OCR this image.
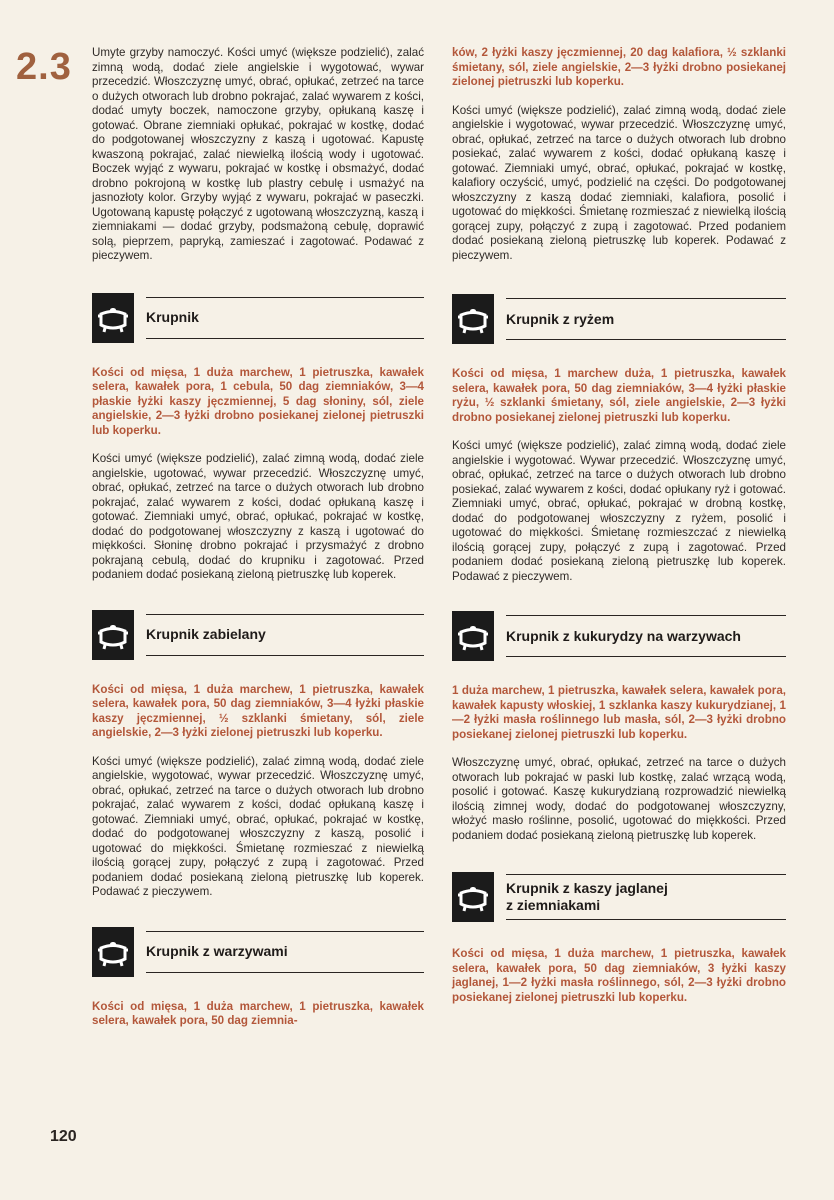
2.3 Umyte grzyby namoczyć. Kości umyć (większe podzielić), zalać zimną wodą, dodać ziele angielskie i wygotować, wywar przecedzić. Włoszczyznę umyć, obrać, opłukać, zetrzeć na tarce o dużych otworach lub drobno pokrajać, zalać wywarem z kości, dodać umyty boczek, namoczone grzyby, opłukaną kaszę i gotować. Obrane ziemniaki opłukać, pokrajać w kostkę, dodać do podgotowanej włoszczyzny z kaszą i ugotować. Kapustę kwaszoną pokrajać, zalać niewielką ilością wody i ugotować. Boczek wyjąć z wywaru, pokrajać w kostkę i obsmażyć, dodać drobno pokrojoną w kostkę lub plastry cebulę i usmażyć na jasnozłoty kolor. Grzyby wyjąć z wywaru, pokrajać w paseczki. Ugotowaną kapustę połączyć z ugotowaną włoszczyzną, kaszą i ziemniakami — dodać grzyby, podsmażoną cebulę, doprawić solą, pieprzem, papryką, zamieszać i zagotować. Podawać z pieczywem.

Krupnik

Kości od mięsa, 1 duża marchew, 1 pietruszka, kawałek selera, kawałek pora, 1 cebula, 50 dag ziemniaków, 3—4 płaskie łyżki kaszy jęczmiennej, 5 dag słoniny, sól, ziele angielskie, 2—3 łyżki drobno posiekanej zielonej pietruszki lub koperku.

Kości umyć (większe podzielić), zalać zimną wodą, dodać ziele angielskie, ugotować, wywar przecedzić. Włoszczyznę umyć, obrać, opłukać, zetrzeć na tarce o dużych otworach lub drobno pokrajać, zalać wywarem z kości, dodać opłukaną kaszę i gotować. Ziemniaki umyć, obrać, opłukać, pokrajać w kostkę, dodać do podgotowanej włoszczyzny z kaszą i ugotować do miękkości. Słoninę drobno pokrajać i przysmażyć z drobno pokrajaną cebulą, dodać do krupniku i zagotować. Przed podaniem dodać posiekaną zieloną pietruszkę lub koperek.

Krupnik zabielany

Kości od mięsa, 1 duża marchew, 1 pietruszka, kawałek selera, kawałek pora, 50 dag ziemniaków, 3—4 łyżki płaskie kaszy jęczmiennej, ½ szklanki śmietany, sól, ziele angielskie, 2—3 łyżki zielonej pietruszki lub koperku.

Kości umyć (większe podzielić), zalać zimną wodą, dodać ziele angielskie, wygotować, wywar przecedzić. Włoszczyznę umyć, obrać, opłukać, zetrzeć na tarce o dużych otworach lub drobno pokrajać, zalać wywarem z kości, dodać opłukaną kaszę i gotować. Ziemniaki umyć, obrać, opłukać, pokrajać w kostkę, dodać do podgotowanej włoszczyzny z kaszą, posolić i ugotować do miękkości. Śmietanę rozmieszać z niewielką ilością gorącej zupy, połączyć z zupą i zagotować. Przed podaniem dodać posiekaną zieloną pietruszkę lub koperek. Podawać z pieczywem.

Krupnik z warzywami

Kości od mięsa, 1 duża marchew, 1 pietruszka, kawałek selera, kawałek pora, 50 dag ziemnia-

ków, 2 łyżki kaszy jęczmiennej, 20 dag kalafiora, ½ szklanki śmietany, sól, ziele angielskie, 2—3 łyżki drobno posiekanej zielonej pietruszki lub koperku.

Kości umyć (większe podzielić), zalać zimną wodą, dodać ziele angielskie i wygotować, wywar przecedzić. Włoszczyznę umyć, obrać, opłukać, zetrzeć na tarce o dużych otworach lub drobno posiekać, zalać wywarem z kości, dodać opłukaną kaszę i gotować. Ziemniaki umyć, obrać, opłukać, pokrajać w kostkę, kalafiory oczyścić, umyć, podzielić na części. Do podgotowanej włoszczyzny z kaszą dodać ziemniaki, kalafiora, posolić i ugotować do miękkości. Śmietanę rozmieszać z niewielką ilością gorącej zupy, połączyć z zupą i zagotować. Przed podaniem dodać posiekaną zieloną pietruszkę lub koperek. Podawać z pieczywem.

Krupnik z ryżem

Kości od mięsa, 1 marchew duża, 1 pietruszka, kawałek selera, kawałek pora, 50 dag ziemniaków, 3—4 łyżki płaskie ryżu, ½ szklanki śmietany, sól, ziele angielskie, 2—3 łyżki drobno posiekanej zielonej pietruszki lub koperku.

Kości umyć (większe podzielić), zalać zimną wodą, dodać ziele angielskie i wygotować. Wywar przecedzić. Włoszczyznę umyć, obrać, opłukać, zetrzeć na tarce o dużych otworach lub drobno posiekać, zalać wywarem z kości, dodać opłukany ryż i gotować. Ziemniaki umyć, obrać, opłukać, pokrajać w drobną kostkę, dodać do podgotowanej włoszczyzny z ryżem, posolić i ugotować do miękkości. Śmietanę rozmieszczać z niewielką ilością gorącej zupy, połączyć z zupą i zagotować. Przed podaniem dodać posiekaną zieloną pietruszkę lub koperek. Podawać z pieczywem.

Krupnik z kukurydzy na warzywach

1 duża marchew, 1 pietruszka, kawałek selera, kawałek pora, kawałek kapusty włoskiej, 1 szklanka kaszy kukurydzianej, 1—2 łyżki masła roślinnego lub masła, sól, 2—3 łyżki drobno posiekanej zielonej pietruszki lub koperku.

Włoszczyznę umyć, obrać, opłukać, zetrzeć na tarce o dużych otworach lub pokrajać w paski lub kostkę, zalać wrzącą wodą, posolić i gotować. Kaszę kukurydzianą rozprowadzić niewielką ilością zimnej wody, dodać do podgotowanej włoszczyzny, włożyć masło roślinne, posolić, ugotować do miękkości. Przed podaniem dodać posiekaną zieloną pietruszkę lub koperek.

Krupnik z kaszy jaglanej
z ziemniakami

Kości od mięsa, 1 duża marchew, 1 pietruszka, kawałek selera, kawałek pora, 50 dag ziemniaków, 3 łyżki kaszy jaglanej, 1—2 łyżki masła roślinnego, sól, 2—3 łyżki drobno posiekanej zielonej pietruszki lub koperku.

120
